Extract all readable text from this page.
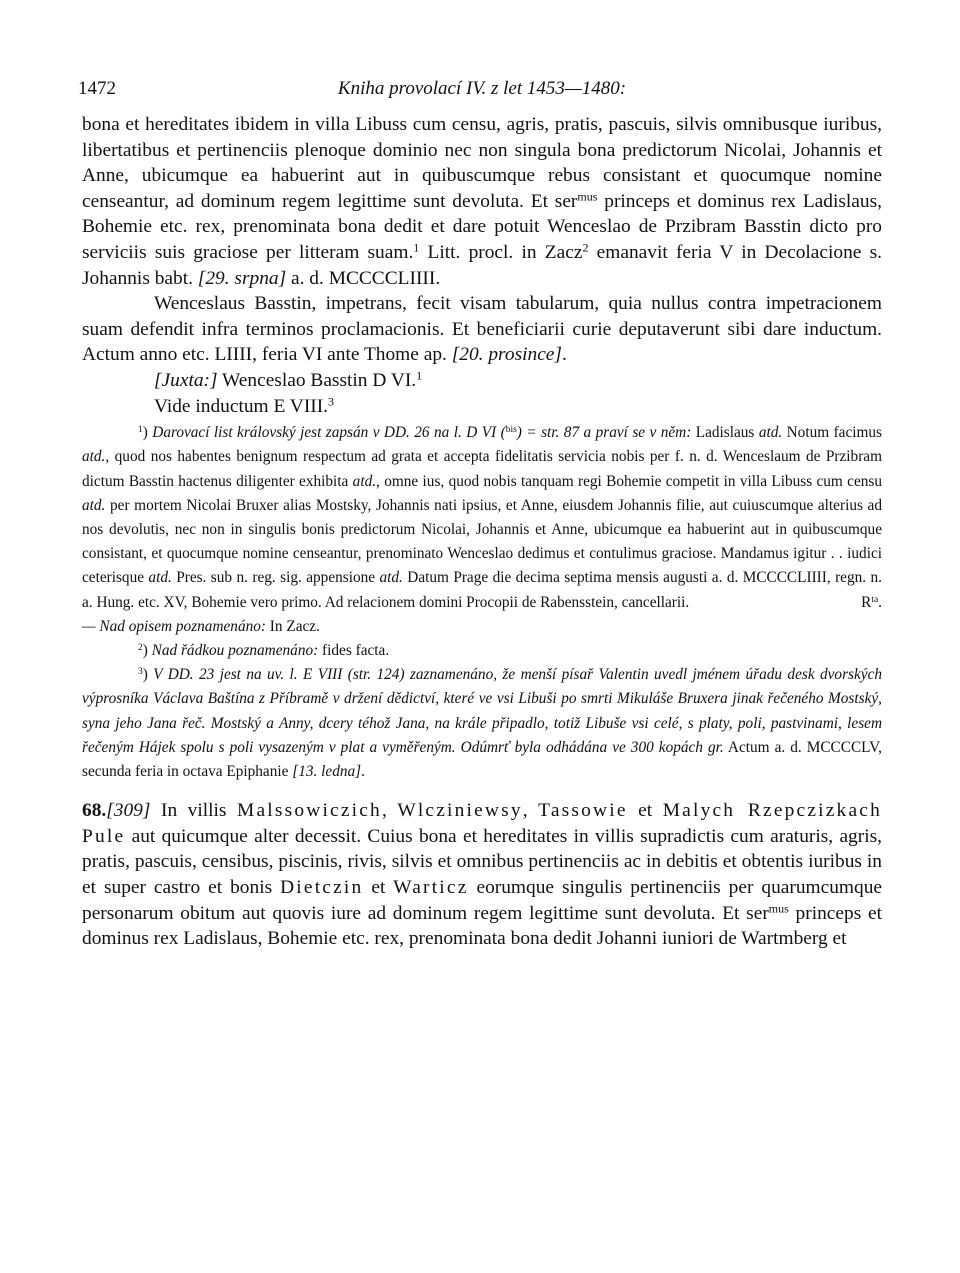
1472	Kniha provolací IV. z let 1453—1480:

bona et hereditates ibidem in villa Libuss cum censu, agris, pratis, pascuis, silvis omnibusque iuribus, libertatibus et pertinenciis plenoque dominio nec non singula bona predictorum Nicolai, Johannis et Anne, ubicumque ea habuerint aut in quibuscumque rebus consistant et quocumque nomine censeantur, ad dominum regem legittime sunt devoluta. Et ser$^{mus}$ princeps et dominus rex Ladislaus, Bohemie etc. rex, prenominata bona dedit et dare potuit Wenceslao de Przibram Basstin dicto pro serviciis suis graciose per litteram suam.$^1$ Litt. procl. in Zacz$^2$ emanavit feria V in Decolacione s. Johannis babt. [29. srpna] a. d. MCCCCLIIII.

Wenceslaus Basstin, impetrans, fecit visam tabularum, quia nullus contra impetracionem suam defendit infra terminos proclamacionis. Et beneficiarii curie deputaverunt sibi dare inductum. Actum anno etc. LIIII, feria VI ante Thome ap. [20. prosince].

[Juxta:] Wenceslao Basstin D VI.$^1$
Vide inductum E VIII.$^3$

$^1$) Darovací list královský jest zapsán v DD. 26 na l. D VI ($^{bis}$) = str. 87 a praví se v něm: Ladislaus atd. Notum facimus atd., quod nos habentes benignum respectum ad grata et accepta fidelitatis servicia nobis per f. n. d. Wenceslaum de Przibram dictum Basstin hactenus diligenter exhibita atd., omne ius, quod nobis tanquam regi Bohemie competit in villa Libuss cum censu atd. per mortem Nicolai Bruxer alias Mostsky, Johannis nati ipsius, et Anne, eiusdem Johannis filie, aut cuiuscumque alterius ad nos devolutis, nec non in singulis bonis predictorum Nicolai, Johannis et Anne, ubicumque ea habuerint aut in quibuscumque consistant, et quocumque nomine censeantur, prenominato Wenceslao dedimus et contulimus graciose. Mandamus igitur . . iudici ceterisque atd. Pres. sub n. reg. sig. appensione atd. Datum Prage die decima septima mensis augusti a. d. MCCCCLIIII, regn. n. a. Hung. etc. XV, Bohemie vero primo. Ad relacionem domini Procopii de Rabensstein, cancellarii.	$R^{ta}$.

— Nad opisem poznamenáno: In Zacz.

$^2$) Nad řádkou poznamenáno: fides facta.

$^3$) V DD. 23 jest na uv. l. E VIII (str. 124) zaznamenáno, že menší písař Valentin uvedl jménem úřadu desk dvorských výprosníka Václava Baštína z Příbramě v držení dědictví, které ve vsi Libuši po smrti Mikuláše Bruxera jinak řečeného Mostský, syna jeho Jana řeč. Mostský a Anny, dcery téhož Jana, na krále připadlo, totiž Libuše vsi celé, s platy, poli, pastvinami, lesem řečeným Hájek spolu s poli vysazeným v plat a vyměřeným. Odúmrť byla odhádána ve 300 kopách gr. Actum a. d. MCCCCLV, secunda feria in octava Epiphanie [13. ledna].

68.[309] In villis Malssowiczich, Wlcziniewsy, Tassowie et Malych Rzepczizkach Pule aut quicumque alter decessit. Cuius bona et hereditates in villis supradictis cum araturis, agris, pratis, pascuis, censibus, piscinis, rivis, silvis et omnibus pertinenciis ac in debitis et obtentis iuribus in et super castro et bonis Dietczin et Warticz eorumque singulis pertinenciis per quarumcumque personarum obitum aut quovis iure ad dominum regem legittime sunt devoluta. Et ser$^{mus}$ princeps et dominus rex Ladislaus, Bohemie etc. rex, prenominata bona dedit Johanni iuniori de Wartmberg et
